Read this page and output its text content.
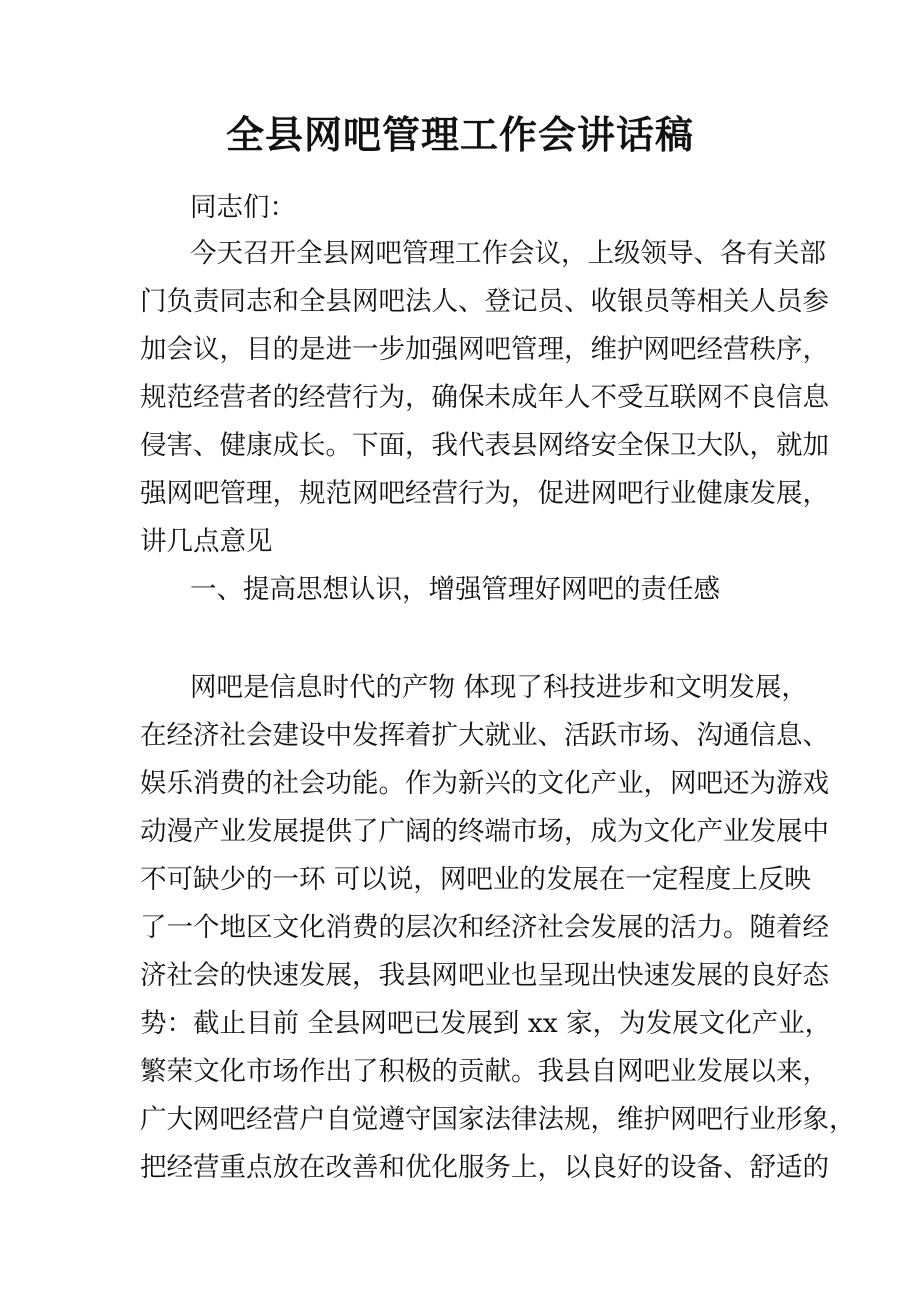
全县网吧管理工作会讲话稿
同志们：
今天召开全县网吧管理工作会议，上级领导、各有关部
门负责同志和全县网吧法人、登记员、收银员等相关人员参
加会议，目的是进一步加强网吧管理，维护网吧经营秩序，
规范经营者的经营行为，确保未成年人不受互联网不良信息
侵害、健康成长。下面，我代表县网络安全保卫大队，就加
强网吧管理，规范网吧经营行为，促进网吧行业健康发展，
讲几点意见
一、提高思想认识，增强管理好网吧的责任感
网吧是信息时代的产物 体现了科技进步和文明发展，
在经济社会建设中发挥着扩大就业、活跃市场、沟通信息、
娱乐消费的社会功能。作为新兴的文化产业，网吧还为游戏
动漫产业发展提供了广阔的终端市场，成为文化产业发展中
不可缺少的一环 可以说，网吧业的发展在一定程度上反映
了一个地区文化消费的层次和经济社会发展的活力。随着经
济社会的快速发展，我县网吧业也呈现出快速发展的良好态
势：截止目前 全县网吧已发展到 xx 家，为发展文化产业，
繁荣文化市场作出了积极的贡献。我县自网吧业发展以来，
广大网吧经营户自觉遵守国家法律法规，维护网吧行业形象，
把经营重点放在改善和优化服务上，以良好的设备、舒适的
